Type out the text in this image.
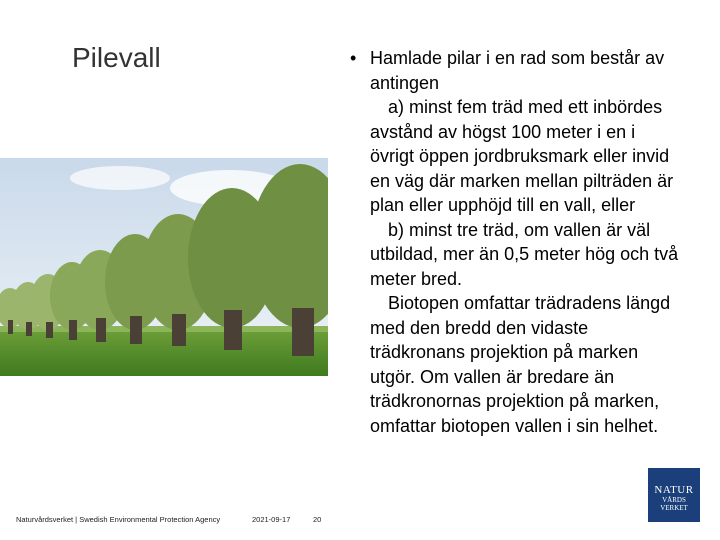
Pilevall	• Hamlade pilar i en rad som består av antingen
a) minst fem träd med ett inbördes avstånd av högst 100 meter i en i övrigt öppen jordbruksmark eller invid en väg där marken mellan pilträden är plan eller upphöjd till en vall, eller
b) minst tre träd, om vallen är väl utbildad, mer än 0,5 meter hög och två meter bred.
Biotopen omfattar trädradens längd med den bredd den vidaste trädkronans projektion på marken utgör. Om vallen är bredare än trädkronornas projektion på marken, omfattar biotopen vallen i sin helhet.
Naturvårdsverket | Swedish Environmental Protection Agency	2021-09-17	20
NATUR
VÅRDS
VERKET
